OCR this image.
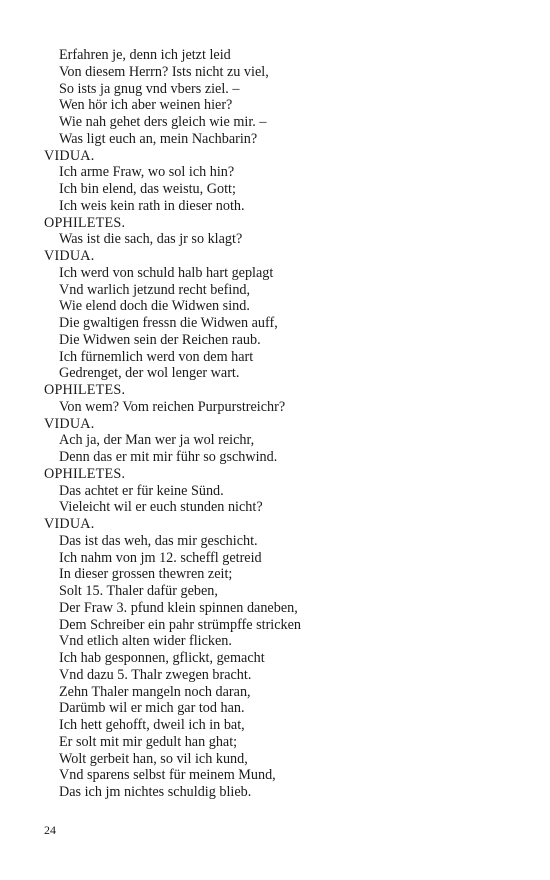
Erfahren je, denn ich jetzt leid
Von diesem Herrn? Ists nicht zu viel,
So ists ja gnug vnd vbers ziel. –
Wen hör ich aber weinen hier?
Wie nah gehet ders gleich wie mir. –
Was ligt euch an, mein Nachbarin?
VIDUA.
Ich arme Fraw, wo sol ich hin?
Ich bin elend, das weistu, Gott;
Ich weis kein rath in dieser noth.
OPHILETES.
Was ist die sach, das jr so klagt?
VIDUA.
Ich werd von schuld halb hart geplagt
Vnd warlich jetzund recht befind,
Wie elend doch die Widwen sind.
Die gwaltigen fressn die Widwen auff,
Die Widwen sein der Reichen raub.
Ich fürnemlich werd von dem hart
Gedrenget, der wol lenger wart.
OPHILETES.
Von wem? Vom reichen Purpurstreichr?
VIDUA.
Ach ja, der Man wer ja wol reichr,
Denn das er mit mir führ so gschwind.
OPHILETES.
Das achtet er für keine Sünd.
Vieleicht wil er euch stunden nicht?
VIDUA.
Das ist das weh, das mir geschicht.
Ich nahm von jm 12. scheffl getreid
In dieser grossen thewren zeit;
Solt 15. Thaler dafür geben,
Der Fraw 3. pfund klein spinnen daneben,
Dem Schreiber ein pahr strümpffe stricken
Vnd etlich alten wider flicken.
Ich hab gesponnen, gflickt, gemacht
Vnd dazu 5. Thalr zwegen bracht.
Zehn Thaler mangeln noch daran,
Darümb wil er mich gar tod han.
Ich hett gehofft, dweil ich in bat,
Er solt mit mir gedult han ghat;
Wolt gerbeit han, so vil ich kund,
Vnd sparens selbst für meinem Mund,
Das ich jm nichtes schuldig blieb.
24
